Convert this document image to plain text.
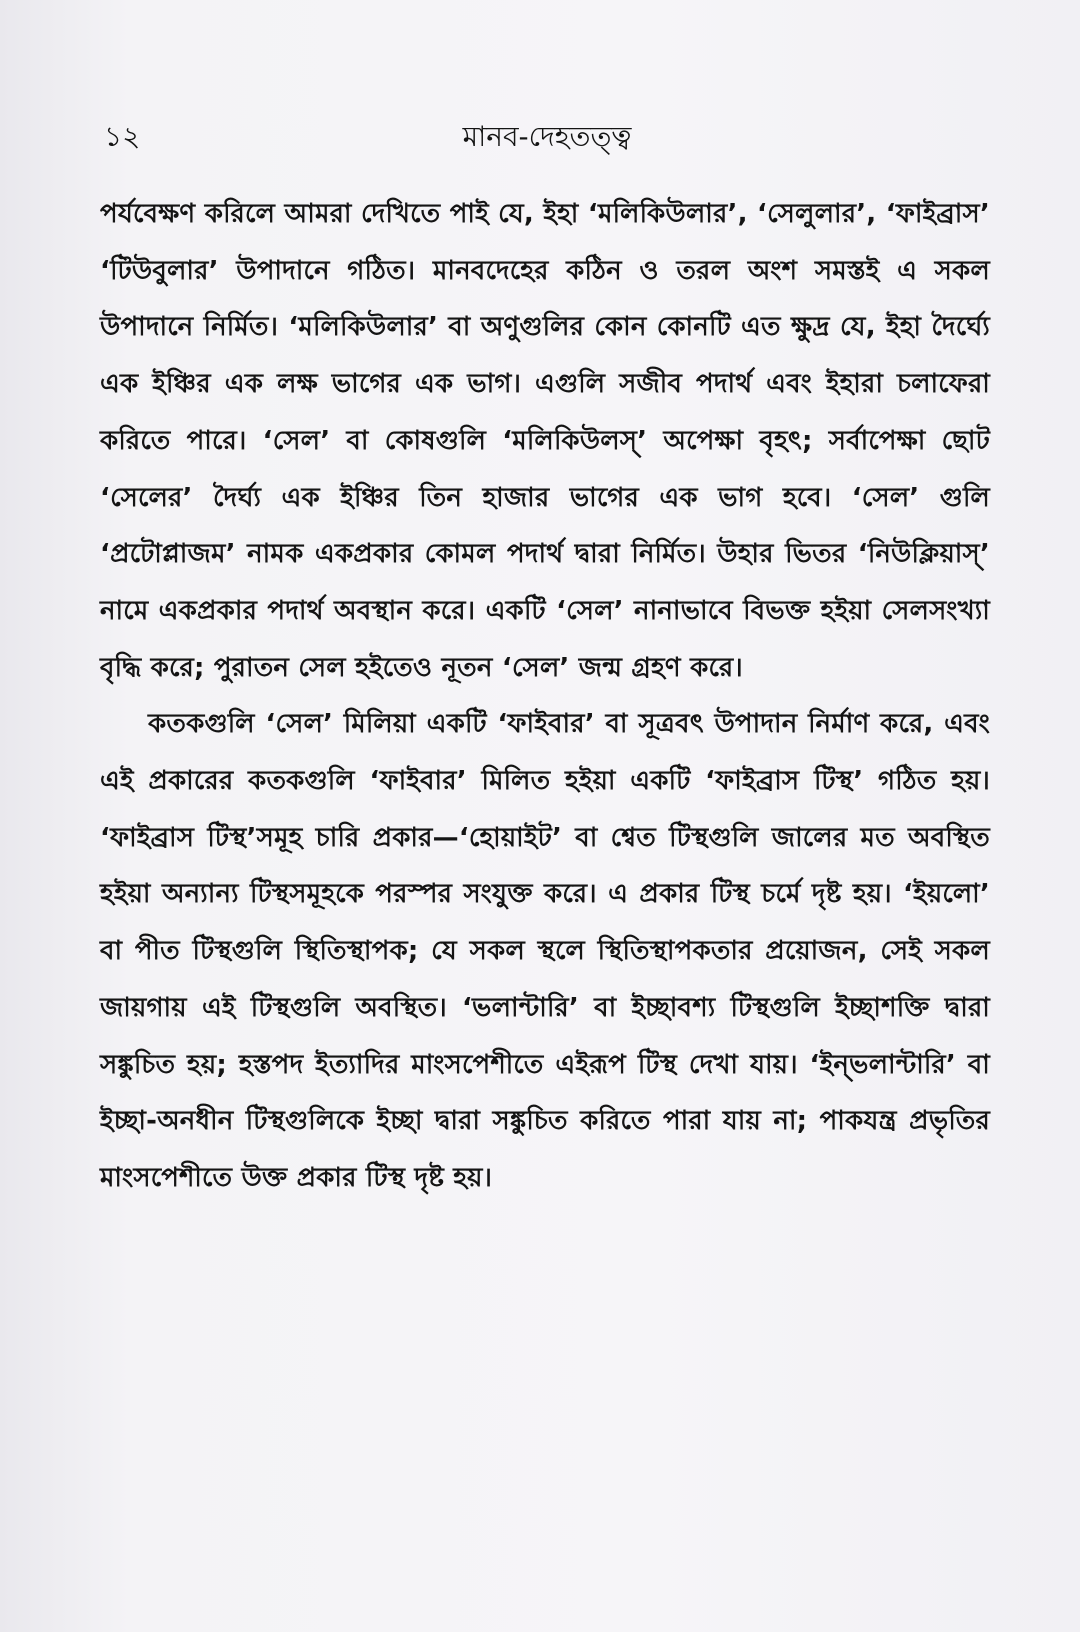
১২	মানব-দেহতত্ত্ব

পর্যবেক্ষণ করিলে আমরা দেখিতে পাই যে, ইহা ‘মলিকিউলার’, ‘সেলুলার’, ‘ফাইব্রাস’ ‘টিউবুলার’ উপাদানে গঠিত। মানবদেহের কঠিন ও তরল অংশ সমস্তই এ সকল উপাদানে নির্মিত। ‘মলিকিউলার’ বা অণুগুলির কোন কোনটি এত ক্ষুদ্র যে, ইহা দৈর্ঘ্যে এক ইঞ্চির এক লক্ষ ভাগের এক ভাগ। এগুলি সজীব পদার্থ এবং ইহারা চলাফেরা করিতে পারে। ‘সেল’ বা কোষগুলি ‘মলিকিউলস্’ অপেক্ষা বৃহৎ; সর্বাপেক্ষা ছোট ‘সেলের’ দৈর্ঘ্য এক ইঞ্চির তিন হাজার ভাগের এক ভাগ হবে। ‘সেল’ গুলি ‘প্রটোপ্লাজম’ নামক একপ্রকার কোমল পদার্থ দ্বারা নির্মিত। উহার ভিতর ‘নিউক্লিয়াস্’ নামে একপ্রকার পদার্থ অবস্থান করে। একটি ‘সেল’ নানাভাবে বিভক্ত হইয়া সেলসংখ্যা বৃদ্ধি করে; পুরাতন সেল হইতেও নূতন ‘সেল’ জন্ম গ্রহণ করে।

কতকগুলি ‘সেল’ মিলিয়া একটি ‘ফাইবার’ বা সূত্রবৎ উপাদান নির্মাণ করে, এবং এই প্রকারের কতকগুলি ‘ফাইবার’ মিলিত হইয়া একটি ‘ফাইব্রাস টিস্থ’ গঠিত হয়। ‘ফাইব্রাস টিস্থ’সমূহ চারি প্রকার—‘হোয়াইট’ বা শ্বেত টিস্থগুলি জালের মত অবস্থিত হইয়া অন্যান্য টিস্থসমূহকে পরস্পর সংযুক্ত করে। এ প্রকার টিস্থ চর্মে দৃষ্ট হয়। ‘ইয়লো’ বা পীত টিস্থগুলি স্থিতিস্থাপক; যে সকল স্থলে স্থিতিস্থাপকতার প্রয়োজন, সেই সকল জায়গায় এই টিস্থগুলি অবস্থিত। ‘ভলান্টারি’ বা ইচ্ছাবশ্য টিস্থগুলি ইচ্ছাশক্তি দ্বারা সঙ্কুচিত হয়; হস্তপদ ইত্যাদির মাংসপেশীতে এইরূপ টিস্থ দেখা যায়। ‘ইন্ভলান্টারি’ বা ইচ্ছা-অনধীন টিস্থগুলিকে ইচ্ছা দ্বারা সঙ্কুচিত করিতে পারা যায় না; পাকযন্ত্র প্রভৃতির মাংসপেশীতে উক্ত প্রকার টিস্থ দৃষ্ট হয়।
